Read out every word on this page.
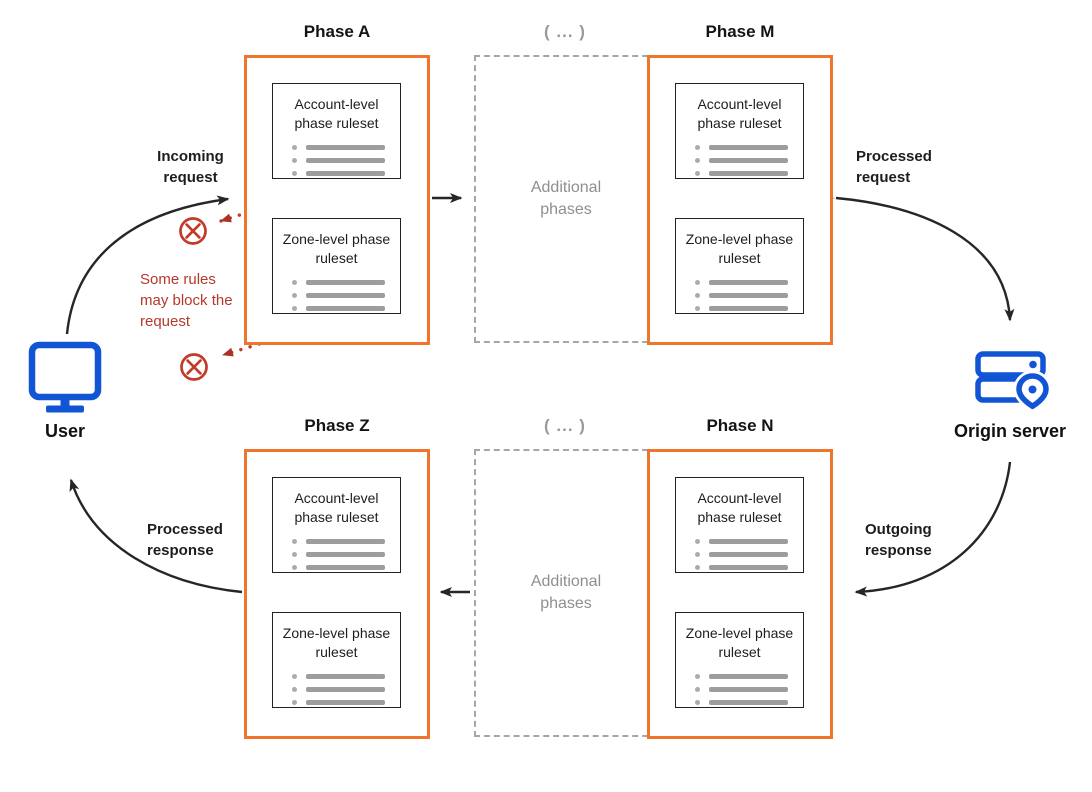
Phase A
Account-level phase ruleset
Zone-level phase ruleset
( ... )
Additional phases
Phase M
Account-level phase ruleset
Zone-level phase ruleset
Phase Z
Account-level phase ruleset
Zone-level phase ruleset
( ... )
Additional phases
Phase N
Account-level phase ruleset
Zone-level phase ruleset
Incoming request
Processed request
Outgoing response
Processed response
Some rules may block the request
User	Origin server
